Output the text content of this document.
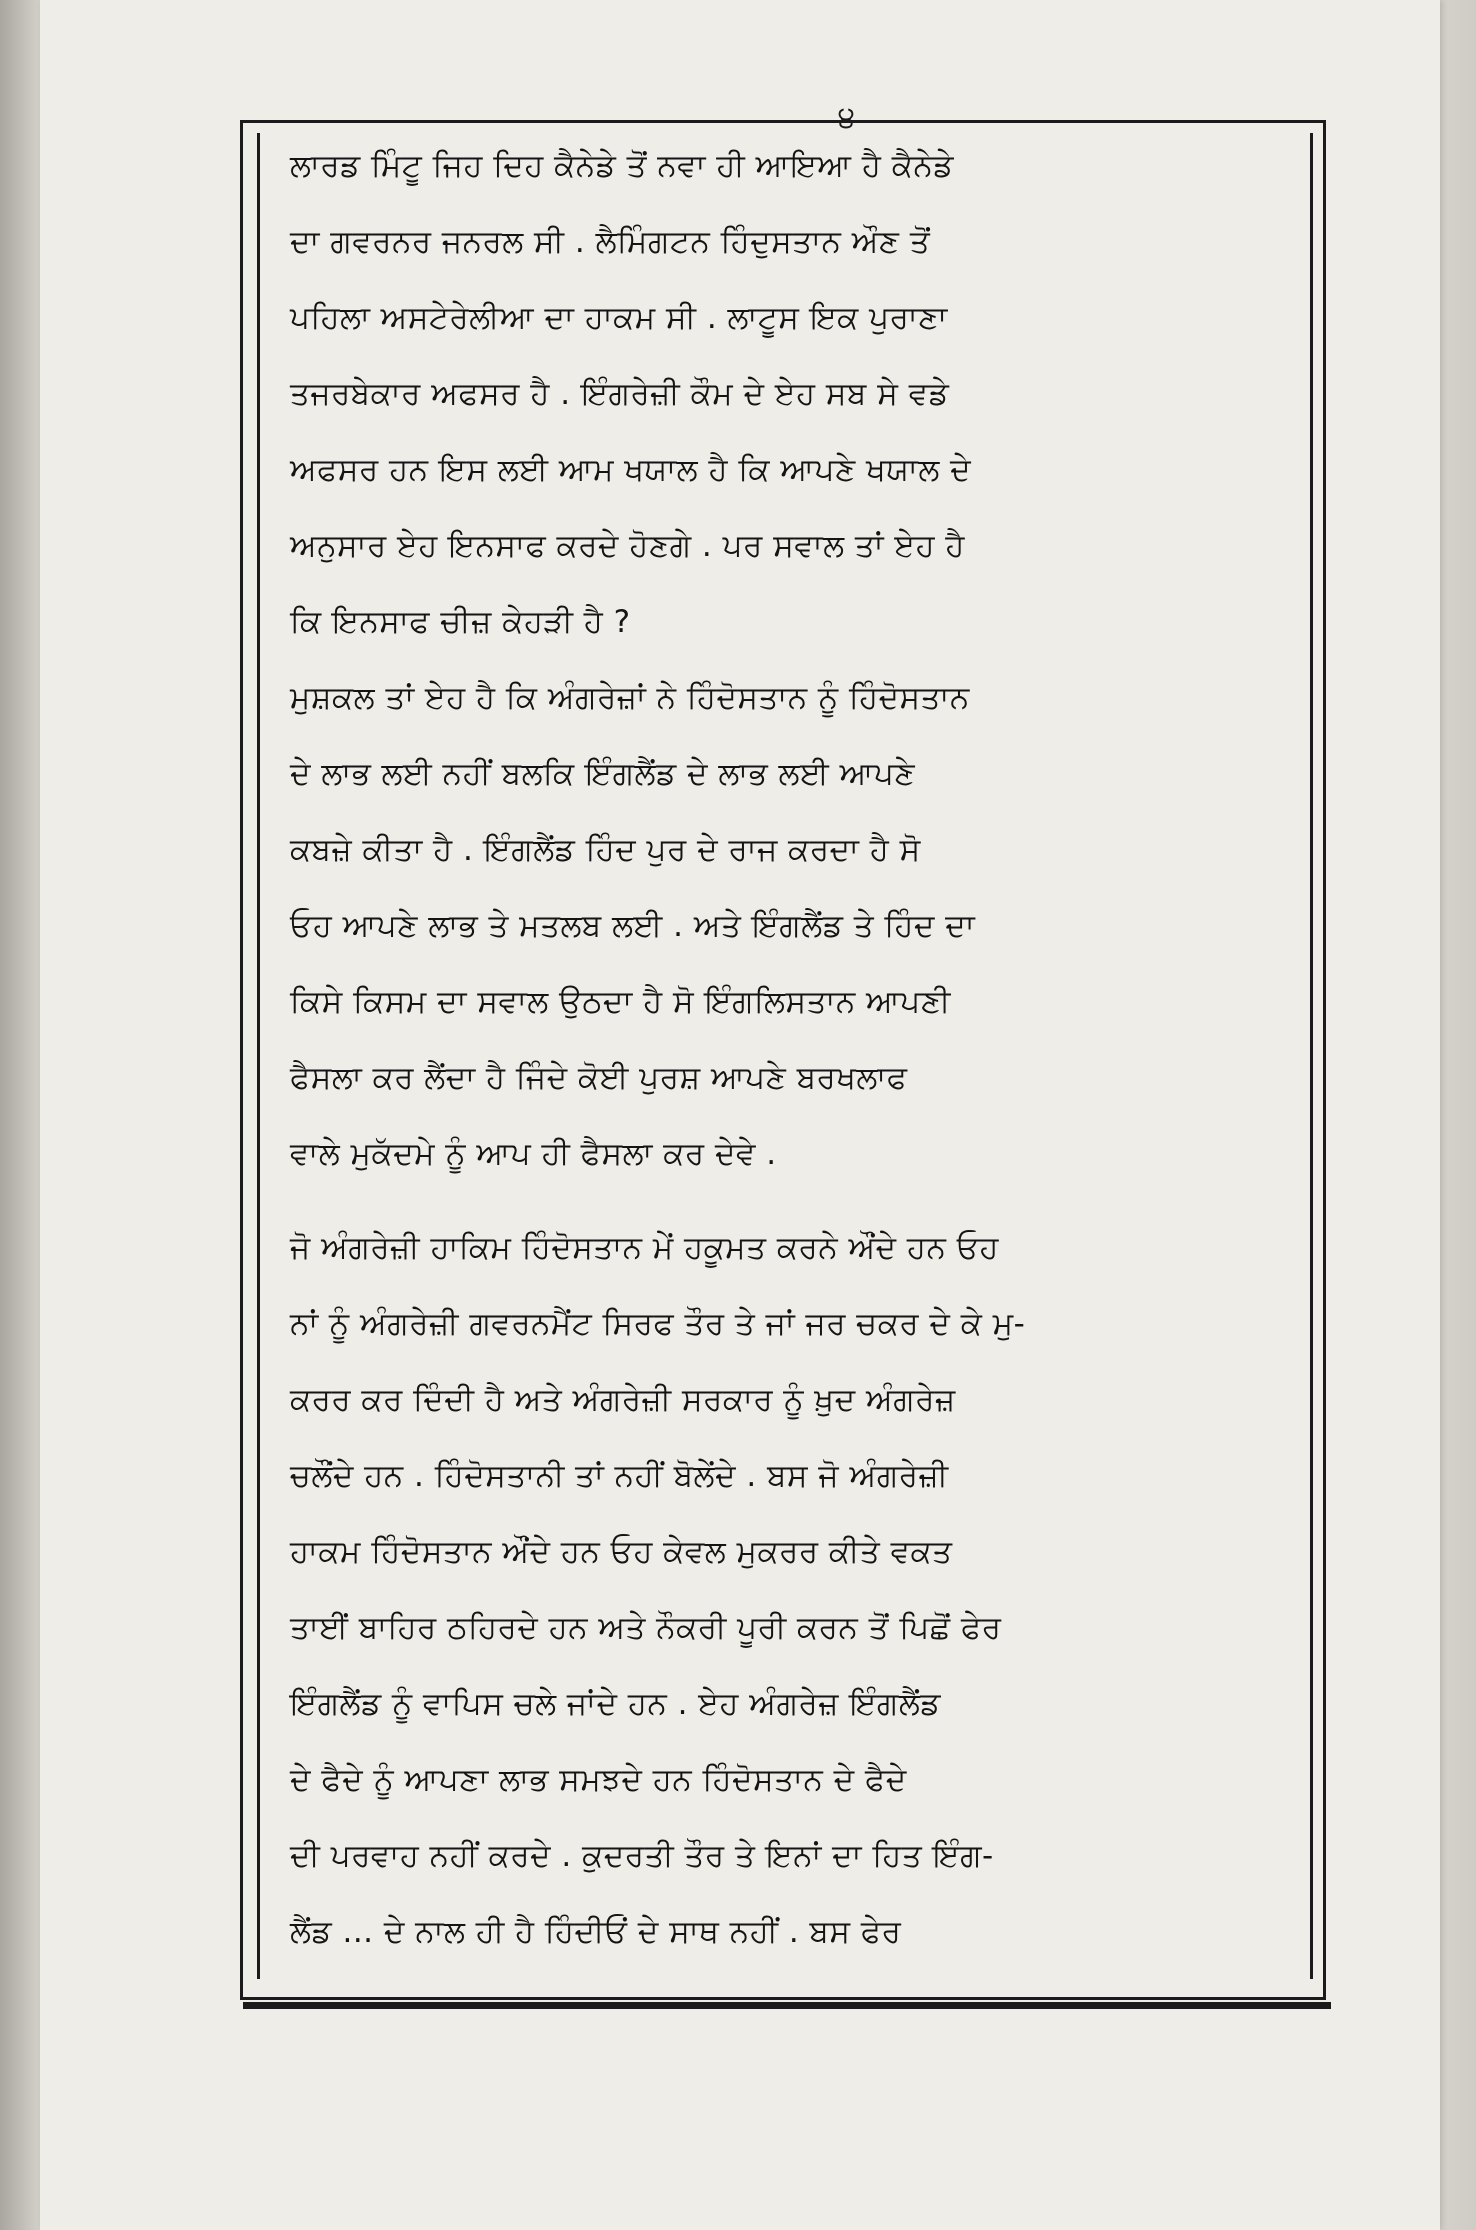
੪
ਲਾਰਡ ਮਿੰਟੂ ਜਿਹ ਦਿਹ ਕੈਨੇਡੇ ਤੋਂ ਨਵਾ ਹੀ ਆਇਆ ਹੈ ਕੈਨੇਡੇ
ਦਾ ਗਵਰਨਰ ਜਨਰਲ ਸੀ . ਲੈਮਿੰਗਟਨ ਹਿੰਦੁਸਤਾਨ ਔਣ ਤੋਂ
ਪਹਿਲਾ ਅਸਟੇਰੇਲੀਆ ਦਾ ਹਾਕਮ ਸੀ . ਲਾਟੂਸ ਇਕ ਪੁਰਾਣਾ
ਤਜਰਬੇਕਾਰ ਅਫਸਰ ਹੈ . ਇੰਗਰੇਜ਼ੀ ਕੌਮ ਦੇ ਏਹ ਸਬ ਸੇ ਵਡੇ
ਅਫਸਰ ਹਨ ਇਸ ਲਈ ਆਮ ਖਯਾਲ ਹੈ ਕਿ ਆਪਣੇ ਖਯਾਲ ਦੇ
ਅਨੁਸਾਰ ਏਹ ਇਨਸਾਫ ਕਰਦੇ ਹੋਣਗੇ . ਪਰ ਸਵਾਲ ਤਾਂ ਏਹ ਹੈ
ਕਿ ਇਨਸਾਫ ਚੀਜ਼ ਕੇਹੜੀ ਹੈ ?
ਮੁਸ਼ਕਲ ਤਾਂ ਏਹ ਹੈ ਕਿ ਅੰਗਰੇਜ਼ਾਂ ਨੇ ਹਿੰਦੋਸਤਾਨ ਨੂੰ ਹਿੰਦੋਸਤਾਨ
ਦੇ ਲਾਭ ਲਈ ਨਹੀਂ ਬਲਕਿ ਇੰਗਲੈਂਡ ਦੇ ਲਾਭ ਲਈ ਆਪਣੇ
ਕਬਜ਼ੇ ਕੀਤਾ ਹੈ . ਇੰਗਲੈਂਡ ਹਿੰਦ ਪੁਰ ਦੇ ਰਾਜ ਕਰਦਾ ਹੈ ਸੋ
ਓਹ ਆਪਣੇ ਲਾਭ ਤੇ ਮਤਲਬ ਲਈ . ਅਤੇ ਇੰਗਲੈਂਡ ਤੇ ਹਿੰਦ ਦਾ
ਕਿਸੇ ਕਿਸਮ ਦਾ ਸਵਾਲ ਉਠਦਾ ਹੈ ਸੋ ਇੰਗਲਿਸਤਾਨ ਆਪਣੀ
ਫੈਸਲਾ ਕਰ ਲੈਂਦਾ ਹੈ ਜਿੰਦੇ ਕੋਈ ਪੁਰਸ਼ ਆਪਣੇ ਬਰਖਲਾਫ
ਵਾਲੇ ਮੁਕੱਦਮੇ ਨੂੰ ਆਪ ਹੀ ਫੈਸਲਾ ਕਰ ਦੇਵੇ .
ਜੋ ਅੰਗਰੇਜ਼ੀ ਹਾਕਿਮ ਹਿੰਦੋਸਤਾਨ ਮੇਂ ਹਕੂਮਤ ਕਰਨੇ ਔਂਦੇ ਹਨ ਓਹ
ਨਾਂ ਨੂੰ ਅੰਗਰੇਜ਼ੀ ਗਵਰਨਮੈਂਟ ਸਿਰਫ ਤੌਰ ਤੇ ਜਾਂ ਜਰ ਚਕਰ ਦੇ ਕੇ ਮੁ-
ਕਰਰ ਕਰ ਦਿੰਦੀ ਹੈ ਅਤੇ ਅੰਗਰੇਜ਼ੀ ਸਰਕਾਰ ਨੂੰ ਖ਼ੁਦ ਅੰਗਰੇਜ਼
ਚਲੌਂਦੇ ਹਨ . ਹਿੰਦੋਸਤਾਨੀ ਤਾਂ ਨਹੀਂ ਬੋਲੇਂਦੇ . ਬਸ ਜੋ ਅੰਗਰੇਜ਼ੀ
ਹਾਕਮ ਹਿੰਦੋਸਤਾਨ ਔਂਦੇ ਹਨ ਓਹ ਕੇਵਲ ਮੁਕਰਰ ਕੀਤੇ ਵਕਤ
ਤਾਈਂ ਬਾਹਿਰ ਠਹਿਰਦੇ ਹਨ ਅਤੇ ਨੌਕਰੀ ਪੂਰੀ ਕਰਨ ਤੋਂ ਪਿਛੋਂ ਫੇਰ
ਇੰਗਲੈਂਡ ਨੂੰ ਵਾਪਿਸ ਚਲੇ ਜਾਂਦੇ ਹਨ . ਏਹ ਅੰਗਰੇਜ਼ ਇੰਗਲੈਂਡ
ਦੇ ਫੈਦੇ ਨੂੰ ਆਪਣਾ ਲਾਭ ਸਮਝਦੇ ਹਨ ਹਿੰਦੋਸਤਾਨ ਦੇ ਫੈਦੇ
ਦੀ ਪਰਵਾਹ ਨਹੀਂ ਕਰਦੇ . ਕੁਦਰਤੀ ਤੌਰ ਤੇ ਇਨਾਂ ਦਾ ਹਿਤ ਇੰਗ-
ਲੈਂਡ ... ਦੇ ਨਾਲ ਹੀ ਹੈ ਹਿੰਦੀਓਂ ਦੇ ਸਾਥ ਨਹੀਂ . ਬਸ ਫੇਰ
